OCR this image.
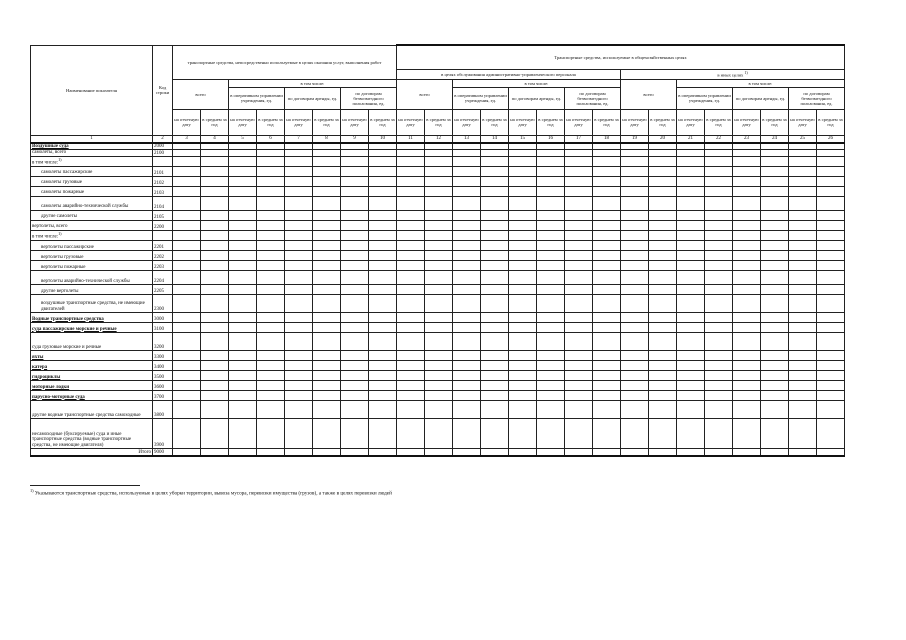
Наименование показателя	Код строки	транспортные средства, непосредственно используемые в целях оказания услуг, выполнения работ								Транспортные средства, используемые в общехозяйственных целях															
										в целях обслуживания административно-управленческого персонала								в иных целях $^{1)}$
		всего		в том числе:						всего		в том числе:						всего		в том числе:					
				в оперативном управлении учреждения, ед.		по договорам аренды, ед.		по договорам безвозмездного пользования, ед.				в оперативном управлении учреждения, ед.		по договорам аренды, ед.		по договорам безвозмездного пользования, ед.				в оперативном управлении учреждения, ед.		по договорам аренды, ед.		по договорам безвозмездного пользования, ед.	
		на отчетную дату	в среднем за год	на отчетную дату	в среднем за год	на отчетную дату	в среднем за год	на отчетную дату	в среднем за год	на отчетную дату	в среднем за год	на отчетную дату	в среднем за год	на отчетную дату	в среднем за год	на отчетную дату	в среднем за год	на отчетную дату	в среднем за год	на отчетную дату	в среднем за год	на отчетную дату	в среднем за год	на отчетную дату	в среднем за год
1	2	3	4	5	6	7	8	9	10	11	12	13	14	15	16	17	18	19	20	21	22	23	24	25	26
Воздушные суда	2000																								
самолеты, всего	2100																								
в том числе:$^{1)}$																									
самолеты пассажирские	2101																								
самолеты грузовые	2102																								
самолеты пожарные	2103																								
самолеты аварийно-технической службы	2104																								
другие самолеты	2105																								
вертолеты, всего	2200																								
в том числе:$^{1)}$																									
вертолеты пассажирские	2201																								
вертолеты грузовые	2202																								
вертолеты пожарные	2203																								
вертолеты аварийно-технической службы	2204																								
другие вертолеты	2205																								
воздушные транспортные средства, не имеющие двигателей	2300																								
Водные транспортные средства	3000																								
суда пассажирские морские и речные	3100																								
суда грузовые морские и речные	3200																								
яхты	3300																								
катера	3400																								
гидроциклы	3500																								
моторные лодки	3600																								
парусно-моторные суда	3700																								
другие водные транспортные средства самоходные	3800																								
несамоходные (буксируемые) суда и иные транспортные средства (водные транспортные средства, не имеющие двигателя)	3900																								
Итого	9000																								
$^{1)}$ Указываются транспортные средства, используемые в целях уборки территории, вывоза мусора, перевозки имущества (грузов), а также в целях перевозки людей
